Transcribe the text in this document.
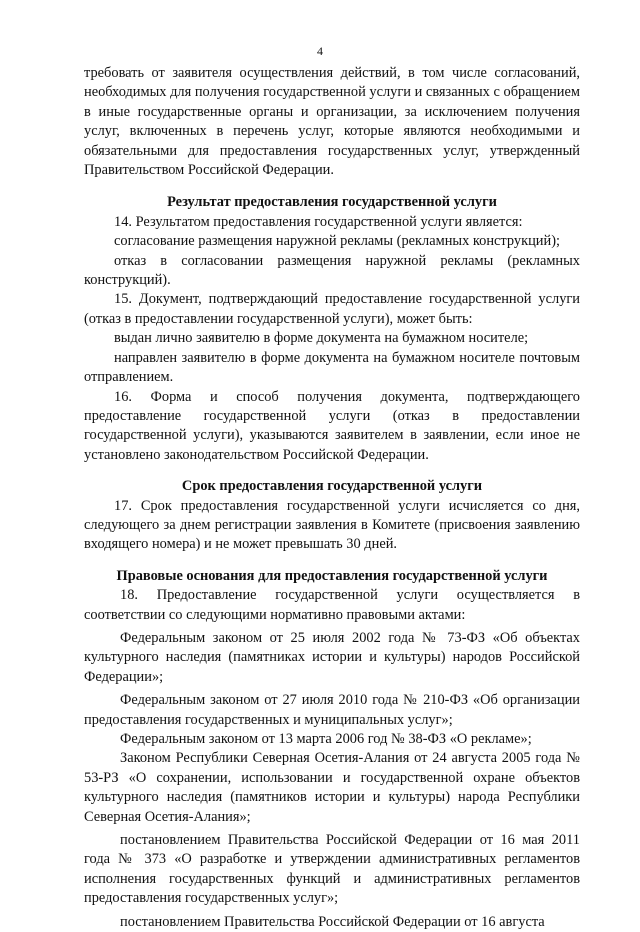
4

требовать от заявителя осуществления действий, в том числе согласований, необходимых для получения государственной услуги и связанных с обращением в иные государственные органы и организации, за исключением получения услуг, включенных в перечень услуг, которые являются необходимыми и обязательными для предоставления государственных услуг, утвержденный Правительством Российской Федерации.

Результат предоставления государственной услуги

14. Результатом предоставления государственной услуги является:

согласование размещения наружной рекламы (рекламных конструкций);

отказ в согласовании размещения наружной рекламы (рекламных конструкций).

15. Документ, подтверждающий предоставление государственной услуги (отказ в предоставлении государственной услуги), может быть:

выдан лично заявителю в форме документа на бумажном носителе;

направлен заявителю в форме документа на бумажном носителе почтовым отправлением.

16. Форма и способ получения документа, подтверждающего предоставление государственной услуги (отказ в предоставлении государственной услуги), указываются заявителем в заявлении, если иное не установлено законодательством Российской Федерации.

Срок предоставления государственной услуги

17. Срок предоставления государственной услуги исчисляется со дня, следующего за днем регистрации заявления в Комитете (присвоения заявлению входящего номера) и не может превышать 30 дней.

Правовые основания для предоставления государственной услуги

18. Предоставление государственной услуги осуществляется в соответствии со следующими нормативно правовыми актами:

Федеральным законом от 25 июля 2002 года № 73-ФЗ «Об объектах культурного наследия (памятниках истории и культуры) народов Российской Федерации»;

Федеральным законом от 27 июля 2010 года № 210-ФЗ «Об организации предоставления государственных и муниципальных услуг»;

Федеральным законом от 13 марта 2006 год № 38-ФЗ «О рекламе»;

Законом Республики Северная Осетия-Алания от 24 августа 2005 года № 53-РЗ «О сохранении, использовании и государственной охране объектов культурного наследия (памятников истории и культуры) народа Республики Северная Осетия-Алания»;

постановлением Правительства Российской Федерации от 16 мая 2011 года № 373 «О разработке и утверждении административных регламентов исполнения государственных функций и административных регламентов предоставления государственных услуг»;

постановлением Правительства Российской Федерации от 16 августа
